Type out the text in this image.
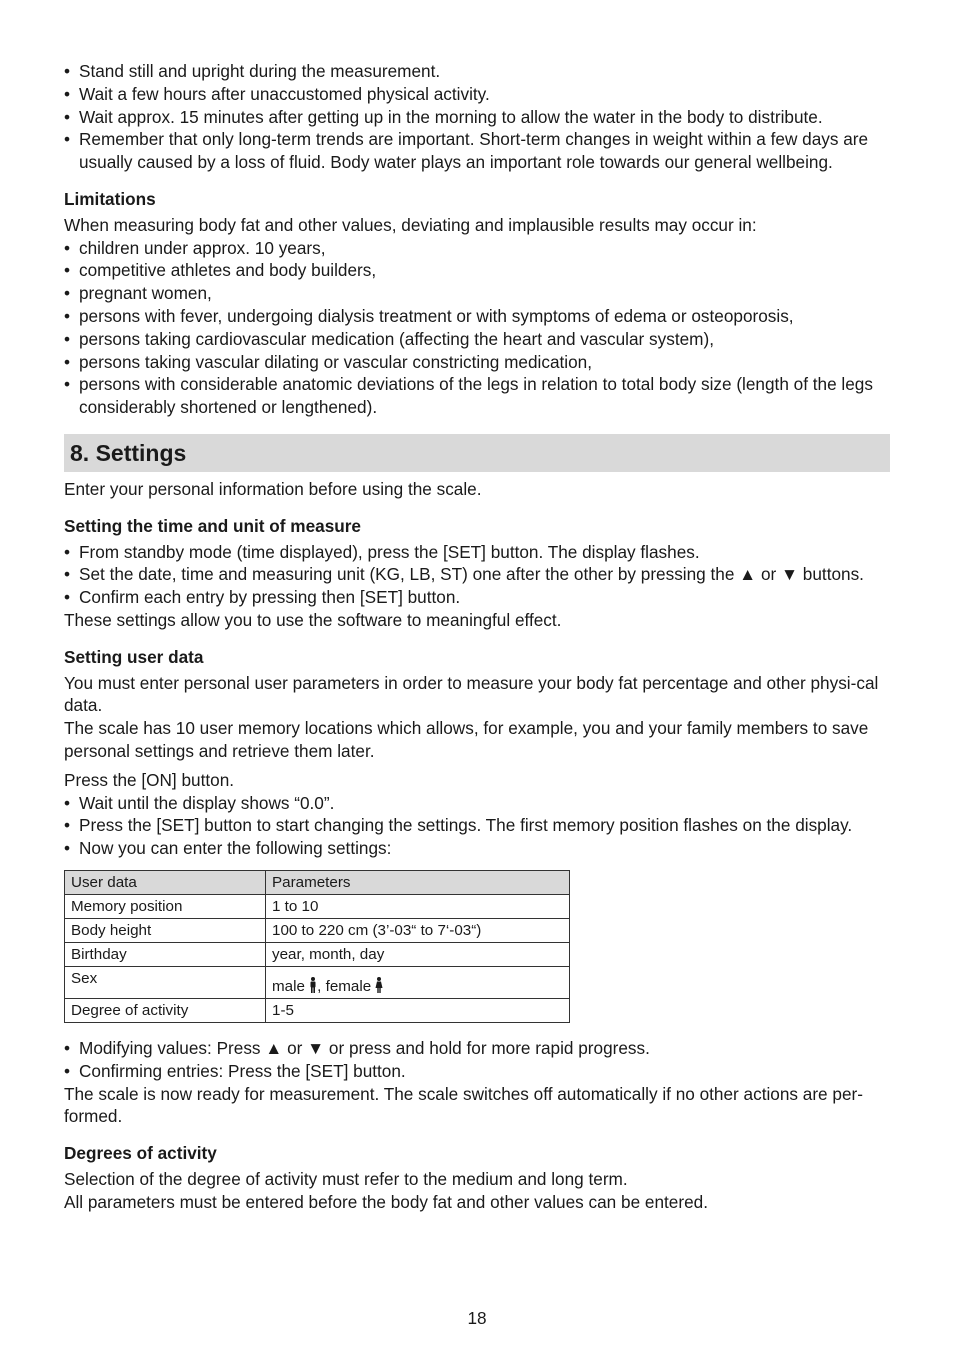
• Stand still and upright during the measurement.
• Wait a few hours after unaccustomed physical activity.
• Wait approx. 15 minutes after getting up in the morning to allow the water in the body to distribute.
• Remember that only long-term trends are important. Short-term changes in weight within a few days are usually caused by a loss of fluid. Body water plays an important role towards our general wellbeing.
Limitations

When measuring body fat and other values, deviating and implausible results may occur in:

• children under approx. 10 years,
• competitive athletes and body builders,
• pregnant women,
• persons with fever, undergoing dialysis treatment or with symptoms of edema or osteoporosis,
• persons taking cardiovascular medication (affecting the heart and vascular system),
• persons taking vascular dilating or vascular constricting medication,
• persons with considerable anatomic deviations of the legs in relation to total body size (length of the legs considerably shortened or lengthened).
8. Settings

Enter your personal information before using the scale.

Setting the time and unit of measure
• From standby mode (time displayed), press the [SET] button. The display flashes.
• Set the date, time and measuring unit (KG, LB, ST) one after the other by pressing the ▲ or ▼ buttons.
• Confirm each entry by pressing then [SET] button.

These settings allow you to use the software to meaningful effect.

Setting user data

You must enter personal user parameters in order to measure your body fat percentage and other physi-cal data.

The scale has 10 user memory locations which allows, for example, you and your family members to save personal settings and retrieve them later.

Press the [ON] button.

• Wait until the display shows “0.0”.
• Press the [SET] button to start changing the settings. The first memory position flashes on the display.
• Now you can enter the following settings:
User data	Parameters
Memory position	1 to 10
Body height	100 to 220 cm (3’-03“ to 7‘-03“)
Birthday	year, month, day
Sex	male , female
Degree of activity	1-5
• Modifying values: Press ▲ or ▼ or press and hold for more rapid progress.
• Confirming entries: Press the [SET] button.

The scale is now ready for measurement. The scale switches off automatically if no other actions are per-formed.

Degrees of activity

Selection of the degree of activity must refer to the medium and long term.

All parameters must be entered before the body fat and other values can be entered.

18
